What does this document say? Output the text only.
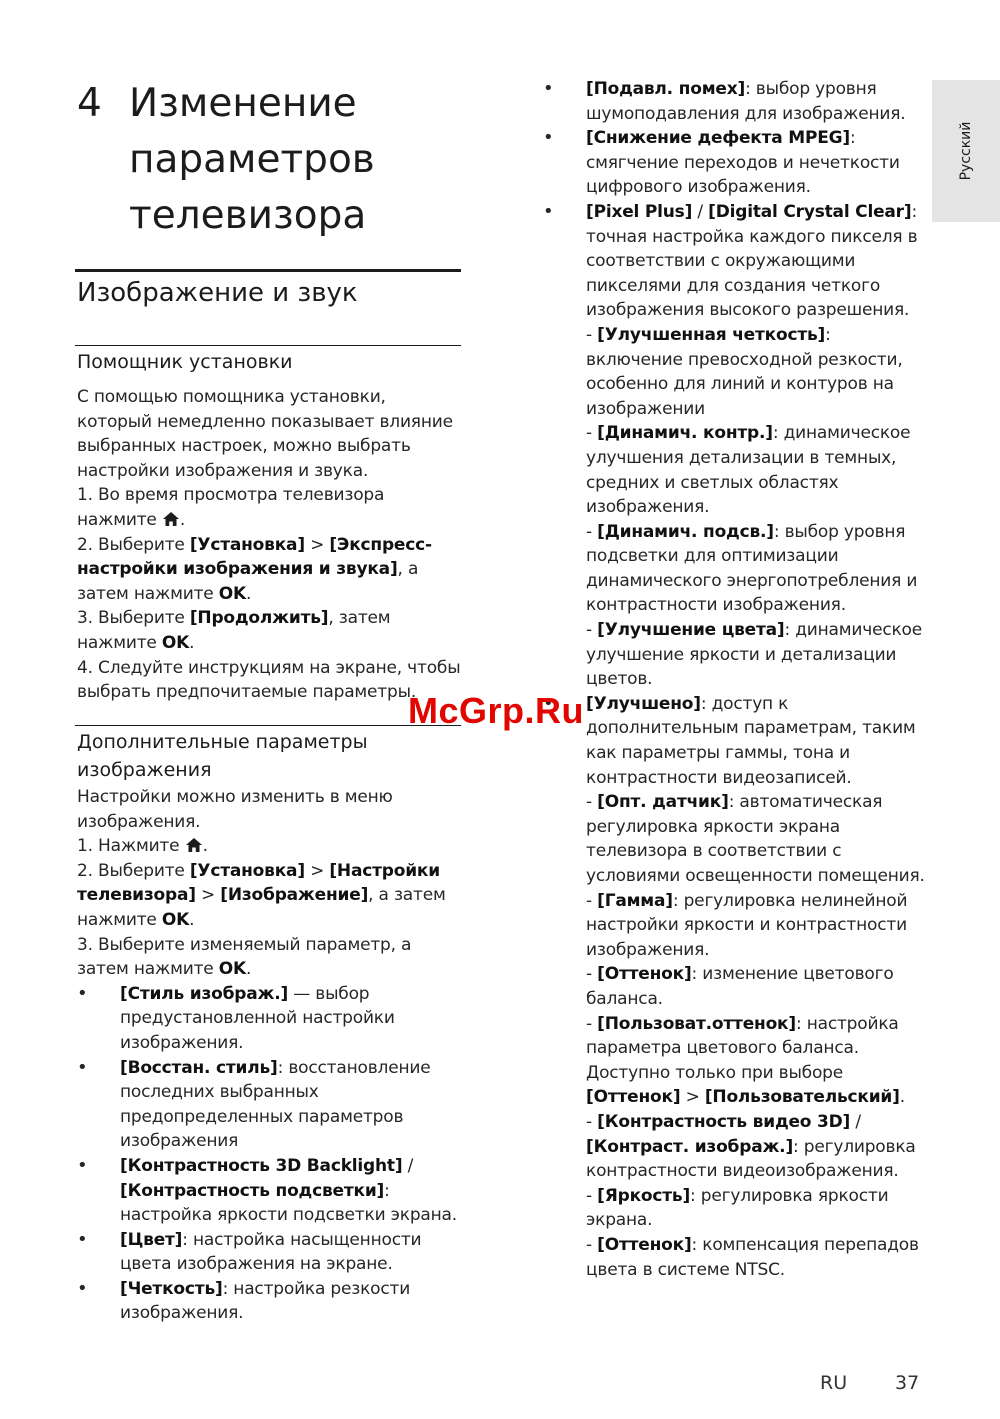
Русский
4 Изменение параметров телевизора
Изображение и звук
Помощник установки

С помощью помощника установки, который немедленно показывает влияние выбранных настроек, можно выбрать настройки изображения и звука.

1. Во время просмотра телевизора нажмите .

2. Выберите [Установка] > [Экспресс-настройки изображения и звука], а затем нажмите OK.

3. Выберите [Продолжить], затем нажмите OK.

4. Следуйте инструкциям на экране, чтобы выбрать предпочитаемые параметры.

Дополнительные параметры изображения

Настройки можно изменить в меню изображения.

1. Нажмите .

2. Выберите [Установка] > [Настройки телевизора] > [Изображение], а затем нажмите OK.

3. Выберите изменяемый параметр, а затем нажмите OK.

• [Стиль изображ.] — выбор предустановленной настройки изображения.
• [Восстан. стиль]: восстановление последних выбранных предопределенных параметров изображения
• [Контрастность 3D Backlight] / [Контрастность подсветки]: настройка яркости подсветки экрана.
• [Цвет]: настройка насыщенности цвета изображения на экране.
• [Четкость]: настройка резкости изображения.
• [Подавл. помех]: выбор уровня шумоподавления для изображения.
• [Снижение дефекта MPEG]: смягчение переходов и нечеткости цифрового изображения.
• [Pixel Plus] / [Digital Crystal Clear]: точная настройка каждого пикселя в соответствии с окружающими пикселями для создания четкого изображения высокого разрешения.

- [Улучшенная четкость]: включение превосходной резкости, особенно для линий и контуров на изображении

- [Динамич. контр.]: динамическое улучшения детализации в темных, средних и светлых областях изображения.

- [Динамич. подсв.]: выбор уровня подсветки для оптимизации динамического энергопотребления и контрастности изображения.

- [Улучшение цвета]: динамическое улучшение яркости и детализации цветов.

• [Улучшено]: доступ к дополнительным параметрам, таким как параметры гаммы, тона и контрастности видеозаписей.

- [Опт. датчик]: автоматическая регулировка яркости экрана телевизора в соответствии с условиями освещенности помещения.

- [Гамма]: регулировка нелинейной настройки яркости и контрастности изображения.

- [Оттенок]: изменение цветового баланса.

- [Пользоват.оттенок]: настройка параметра цветового баланса. Доступно только при выборе [Оттенок] > [Пользовательский].

- [Контрастность видео 3D] / [Контраст. изображ.]: регулировка контрастности видеоизображения.

- [Яркость]: регулировка яркости экрана.

- [Оттенок]: компенсация перепадов цвета в системе NTSC.

McGrp.Ru
RU	37
